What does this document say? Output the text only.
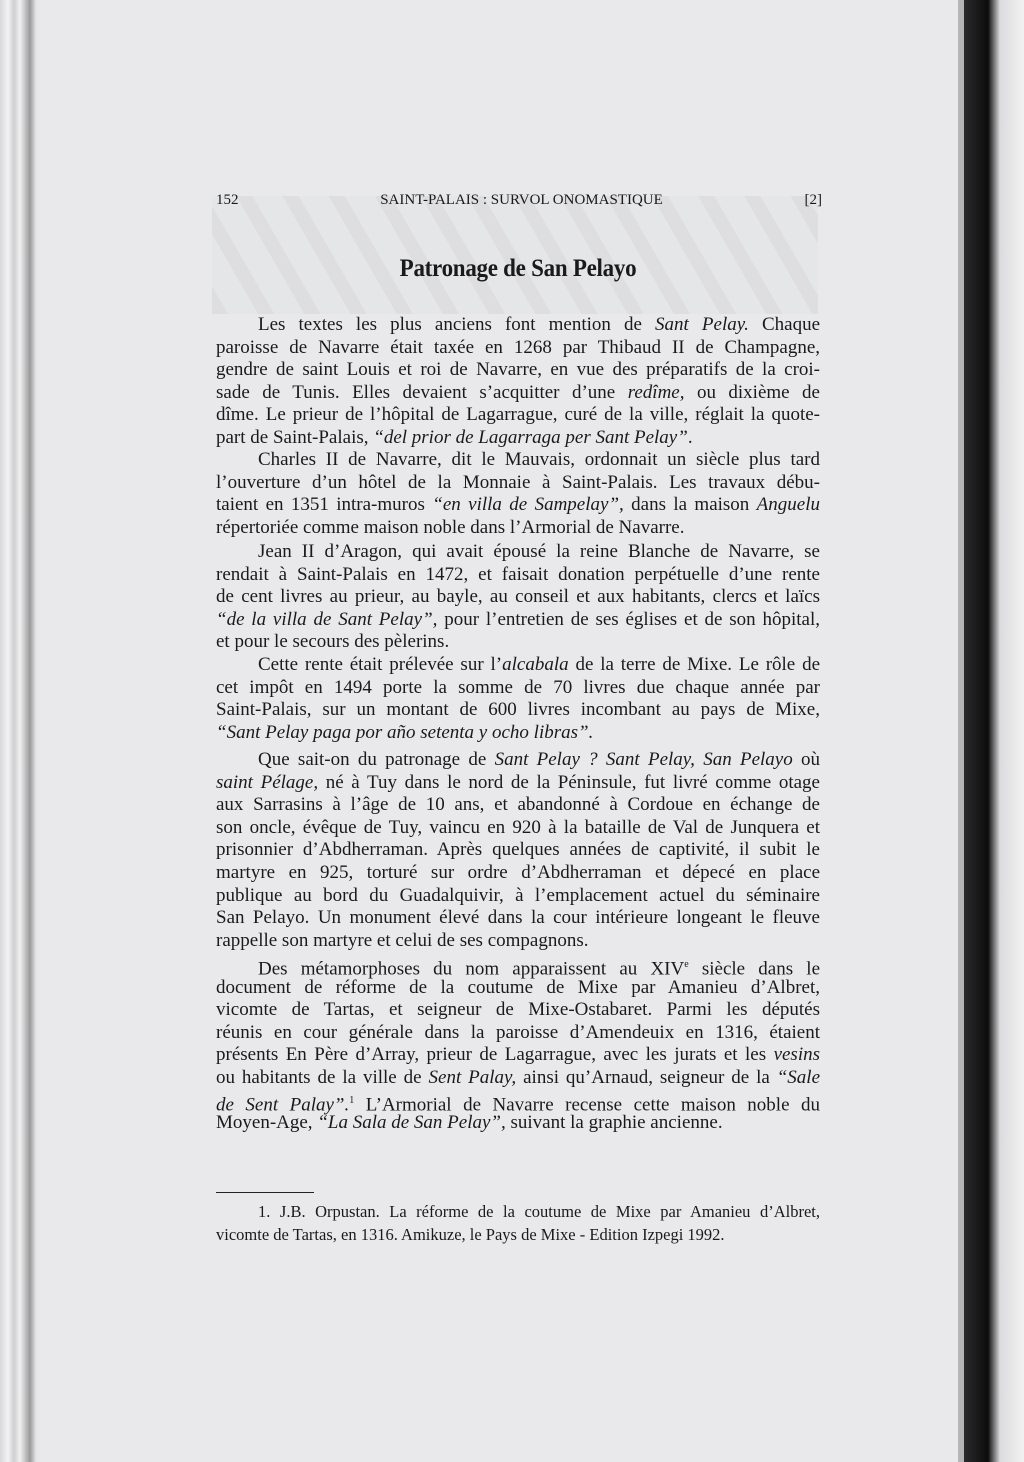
152	SAINT-PALAIS : SURVOL ONOMASTIQUE	[2]
Patronage de San Pelayo
Les textes les plus anciens font mention de Sant Pelay. Chaque
paroisse de Navarre était taxée en 1268 par Thibaud II de Champagne,
gendre de saint Louis et roi de Navarre, en vue des préparatifs de la croi-
sade de Tunis. Elles devaient s’acquitter d’une redîme, ou dixième de
dîme. Le prieur de l’hôpital de Lagarrague, curé de la ville, réglait la quote-
part de Saint-Palais, “del prior de Lagarraga per Sant Pelay”.
Charles II de Navarre, dit le Mauvais, ordonnait un siècle plus tard
l’ouverture d’un hôtel de la Monnaie à Saint-Palais. Les travaux débu-
taient en 1351 intra-muros “en villa de Sampelay”, dans la maison Anguelu
répertoriée comme maison noble dans l’Armorial de Navarre.
Jean II d’Aragon, qui avait épousé la reine Blanche de Navarre, se
rendait à Saint-Palais en 1472, et faisait donation perpétuelle d’une rente
de cent livres au prieur, au bayle, au conseil et aux habitants, clercs et laïcs
“de la villa de Sant Pelay”, pour l’entretien de ses églises et de son hôpital,
et pour le secours des pèlerins.
Cette rente était prélevée sur l’alcabala de la terre de Mixe. Le rôle de
cet impôt en 1494 porte la somme de 70 livres due chaque année par
Saint-Palais, sur un montant de 600 livres incombant au pays de Mixe,
“Sant Pelay paga por año setenta y ocho libras”.
Que sait-on du patronage de Sant Pelay ? Sant Pelay, San Pelayo où
saint Pélage, né à Tuy dans le nord de la Péninsule, fut livré comme otage
aux Sarrasins à l’âge de 10 ans, et abandonné à Cordoue en échange de
son oncle, évêque de Tuy, vaincu en 920 à la bataille de Val de Junquera et
prisonnier d’Abdherraman. Après quelques années de captivité, il subit le
martyre en 925, torturé sur ordre d’Abdherraman et dépecé en place
publique au bord du Guadalquivir, à l’emplacement actuel du séminaire
San Pelayo. Un monument élevé dans la cour intérieure longeant le fleuve
rappelle son martyre et celui de ses compagnons.
Des métamorphoses du nom apparaissent au XIVe siècle dans le
document de réforme de la coutume de Mixe par Amanieu d’Albret,
vicomte de Tartas, et seigneur de Mixe-Ostabaret. Parmi les députés
réunis en cour générale dans la paroisse d’Amendeuix en 1316, étaient
présents En Père d’Array, prieur de Lagarrague, avec les jurats et les vesins
ou habitants de la ville de Sent Palay, ainsi qu’Arnaud, seigneur de la “Sale
de Sent Palay”.$^1$ L’Armorial de Navarre recense cette maison noble du
Moyen-Age, “La Sala de San Pelay”, suivant la graphie ancienne.
1. J.B. Orpustan. La réforme de la coutume de Mixe par Amanieu d’Albret,
vicomte de Tartas, en 1316. Amikuze, le Pays de Mixe - Edition Izpegi 1992.
